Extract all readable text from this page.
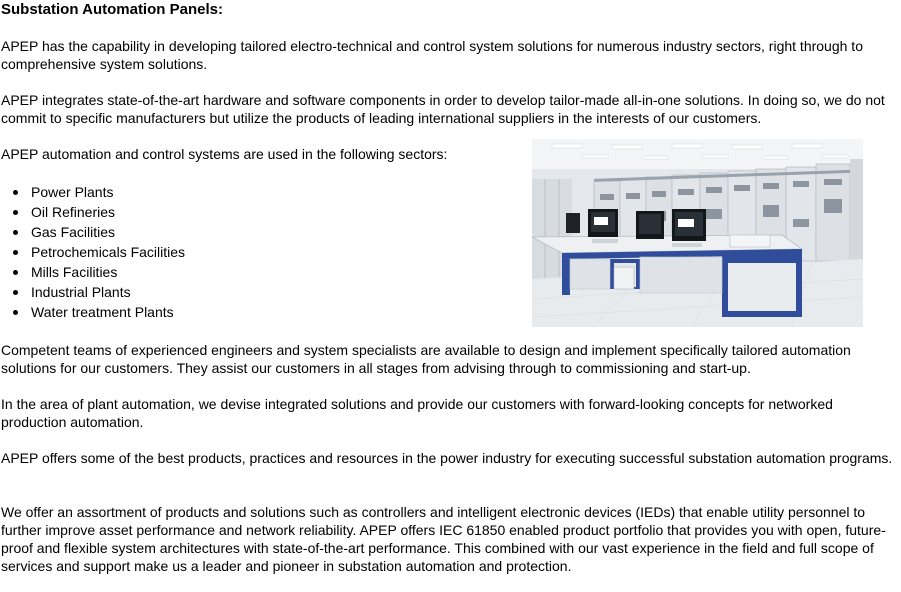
Substation Automation Panels:

APEP has the capability in developing tailored electro-technical and control system solutions for numerous industry sectors, right through to comprehensive system solutions.

APEP integrates state-of-the-art hardware and software components in order to develop tailor-made all-in-one solutions. In doing so, we do not commit to specific manufacturers but utilize the products of leading international suppliers in the interests of our customers.

APEP automation and control systems are used in the following sectors:

Power Plants
Oil Refineries
Gas Facilities
Petrochemicals Facilities
Mills Facilities
Industrial Plants
Water treatment Plants

Competent teams of experienced engineers and system specialists are available to design and implement specifically tailored automation solutions for our customers. They assist our customers in all stages from advising through to commissioning and start-up.

In the area of plant automation, we devise integrated solutions and provide our customers with forward-looking concepts for networked production automation.

APEP offers some of the best products, practices and resources in the power industry for executing successful substation automation programs.

We offer an assortment of products and solutions such as controllers and intelligent electronic devices (IEDs) that enable utility personnel to further improve asset performance and network reliability. APEP offers IEC 61850 enabled product portfolio that provides you with open, future-proof and flexible system architectures with state-of-the-art performance. This combined with our vast experience in the field and full scope of services and support make us a leader and pioneer in substation automation and protection.
